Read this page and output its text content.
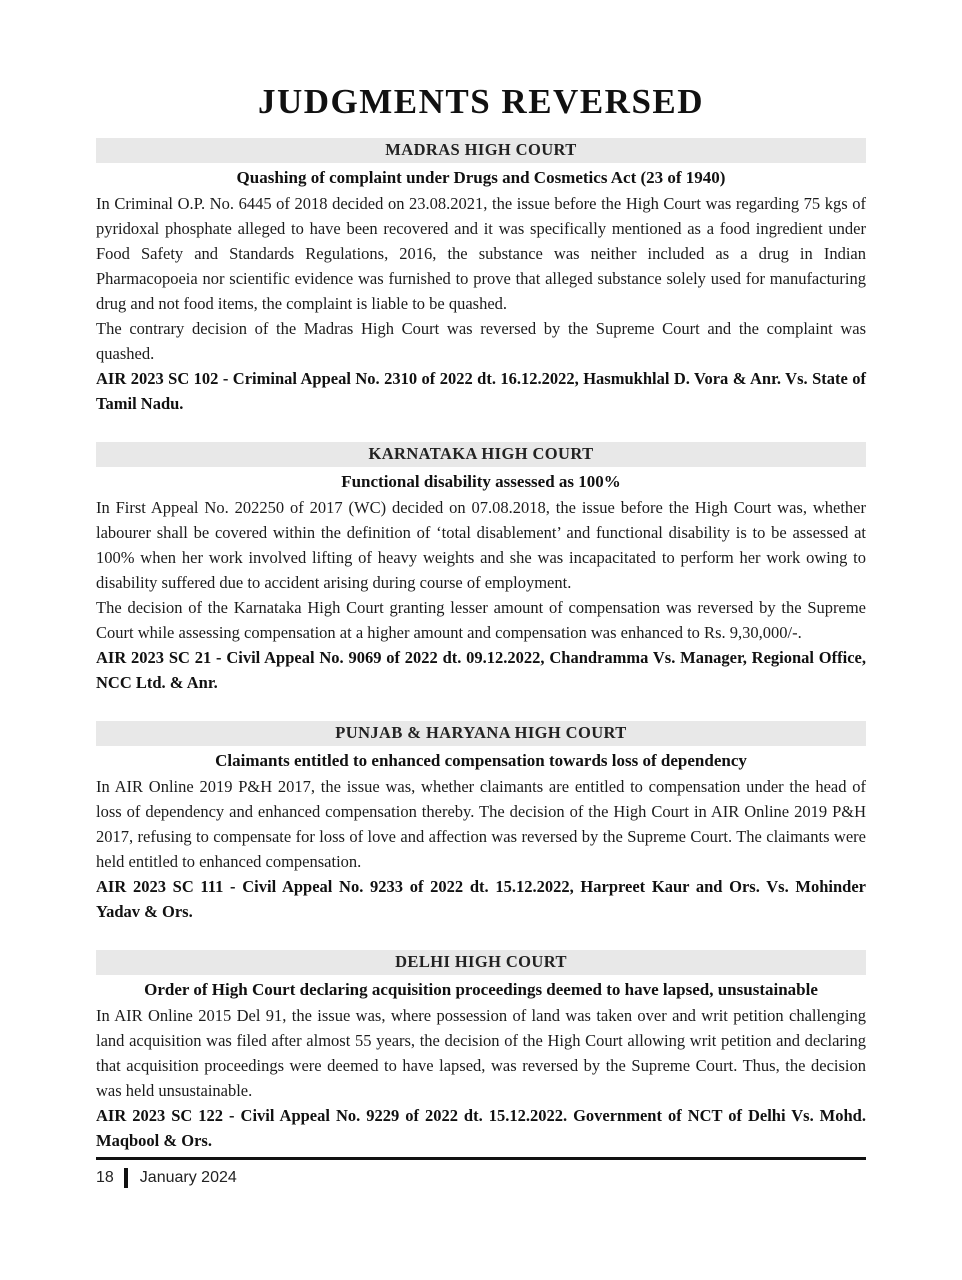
JUDGMENTS REVERSED
MADRAS HIGH COURT
Quashing of complaint under Drugs and Cosmetics Act (23 of 1940)

In Criminal O.P. No. 6445 of 2018 decided on 23.08.2021, the issue before the High Court was regarding 75 kgs of pyridoxal phosphate alleged to have been recovered and it was specifically mentioned as a food ingredient under Food Safety and Standards Regulations, 2016, the substance was neither included as a drug in Indian Pharmacopoeia nor scientific evidence was furnished to prove that alleged substance solely used for manufacturing drug and not food items, the complaint is liable to be quashed.

The contrary decision of the Madras High Court was reversed by the Supreme Court and the complaint was quashed.

AIR 2023 SC 102 - Criminal Appeal No. 2310 of 2022 dt. 16.12.2022, Hasmukhlal D. Vora & Anr. Vs. State of Tamil Nadu.

KARNATAKA HIGH COURT
Functional disability assessed as 100%

In First Appeal No. 202250 of 2017 (WC) decided on 07.08.2018, the issue before the High Court was, whether labourer shall be covered within the definition of ‘total disablement’ and functional disability is to be assessed at 100% when her work involved lifting of heavy weights and she was incapacitated to perform her work owing to disability suffered due to accident arising during course of employment.

The decision of the Karnataka High Court granting lesser amount of compensation was reversed by the Supreme Court while assessing compensation at a higher amount and compensation was enhanced to Rs. 9,30,000/-.

AIR 2023 SC 21 - Civil Appeal No. 9069 of 2022 dt. 09.12.2022, Chandramma Vs. Manager, Regional Office, NCC Ltd. & Anr.

PUNJAB & HARYANA HIGH COURT
Claimants entitled to enhanced compensation towards loss of dependency

In AIR Online 2019 P&H 2017, the issue was, whether claimants are entitled to compensation under the head of loss of dependency and enhanced compensation thereby. The decision of the High Court in AIR Online 2019 P&H 2017, refusing to compensate for loss of love and affection was reversed by the Supreme Court. The claimants were held entitled to enhanced compensation.

AIR 2023 SC 111 - Civil Appeal No. 9233 of 2022 dt. 15.12.2022, Harpreet Kaur and Ors. Vs. Mohinder Yadav & Ors.

DELHI HIGH COURT
Order of High Court declaring acquisition proceedings deemed to have lapsed, unsustainable

In AIR Online 2015 Del 91, the issue was, where possession of land was taken over and writ petition challenging land acquisition was filed after almost 55 years, the decision of the High Court allowing writ petition and declaring that acquisition proceedings were deemed to have lapsed, was reversed by the Supreme Court. Thus, the decision was held unsustainable.

AIR 2023 SC 122 - Civil Appeal No. 9229 of 2022 dt. 15.12.2022. Government of NCT of Delhi Vs. Mohd. Maqbool & Ors.

18 January 2024
